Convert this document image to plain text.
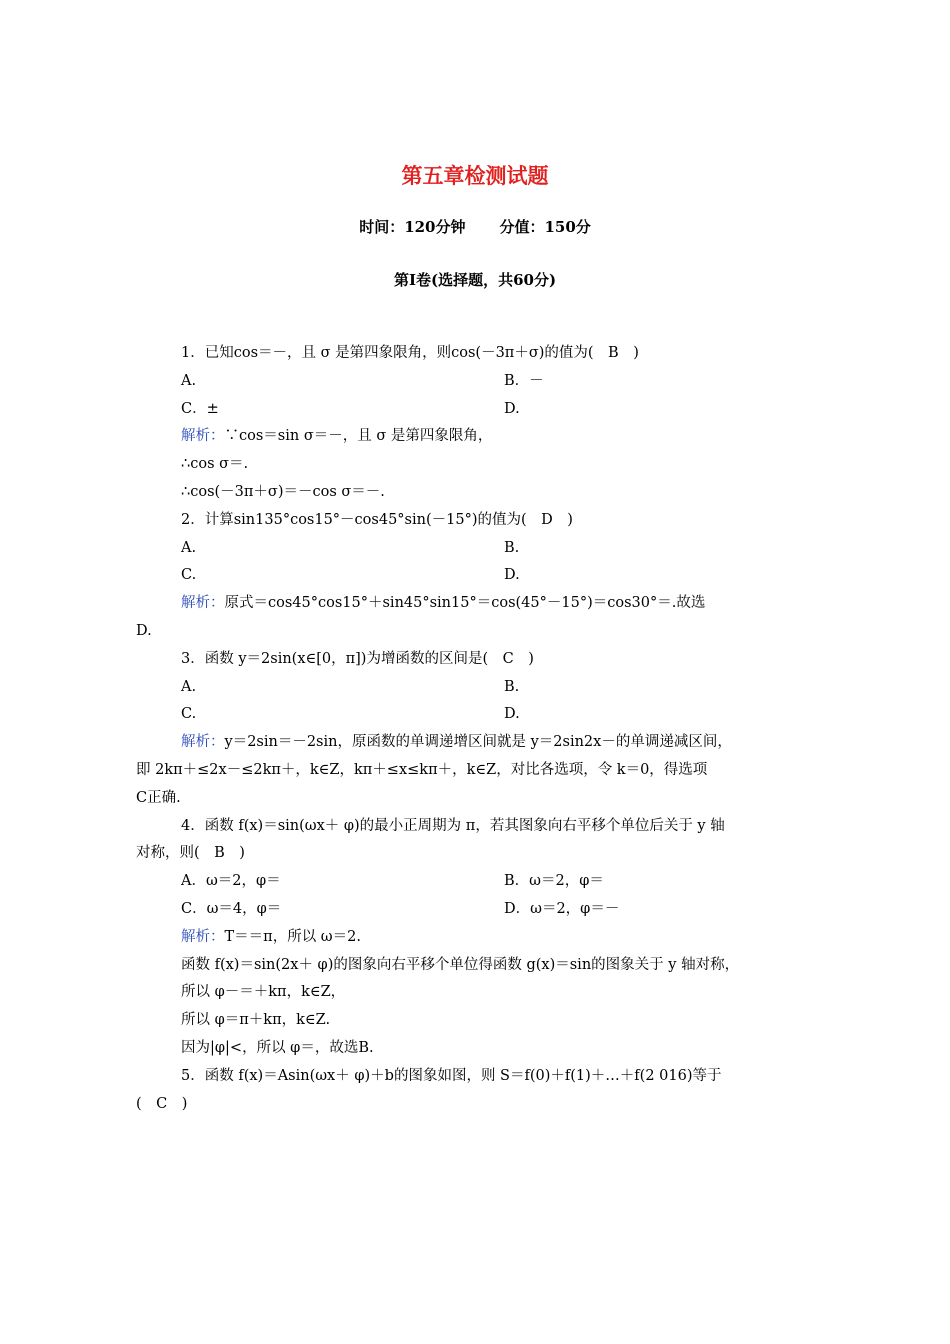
第五章检测试题
时间：120分钟 分值：150分
第Ⅰ卷(选择题，共60分)
1．已知cos＝－，且 σ 是第四象限角，则cos(－3π＋σ)的值为(　B　)
A.	B．－
C．±	D.
解析：∵cos＝sin σ＝－，且 σ 是第四象限角，
∴cos σ＝.
∴cos(－3π＋σ)＝－cos σ＝－.
2．计算sin135°cos15°－cos45°sin(－15°)的值为(　D　)
A.	B.
C.	D.
解析：原式＝cos45°cos15°＋sin45°sin15°＝cos(45°－15°)＝cos30°＝.故选
D.
3．函数 y＝2sin(x∈[0，π])为增函数的区间是(　C　)
A.	B.
C.	D.
解析：y＝2sin＝－2sin，原函数的单调递增区间就是 y＝2sin2x－的单调递减区间，
即 2kπ＋≤2x－≤2kπ＋，k∈Z，kπ＋≤x≤kπ＋，k∈Z，对比各选项，令 k＝0，得选项
C正确.
4．函数 f(x)＝sin(ωx＋ φ)的最小正周期为 π，若其图象向右平移个单位后关于 y 轴
对称，则(　B　)
A．ω＝2，φ＝	B．ω＝2，φ＝
C．ω＝4，φ＝	D．ω＝2，φ＝－
解析：T＝＝π，所以 ω＝2.
函数 f(x)＝sin(2x＋ φ)的图象向右平移个单位得函数 g(x)＝sin的图象关于 y 轴对称，
所以 φ－＝＋kπ，k∈Z，
所以 φ＝π＋kπ，k∈Z.
因为|φ|<，所以 φ＝，故选B.
5．函数 f(x)＝Asin(ωx＋ φ)＋b的图象如图，则 S＝f(0)＋f(1)＋…＋f(2 016)等于
(　C　)
